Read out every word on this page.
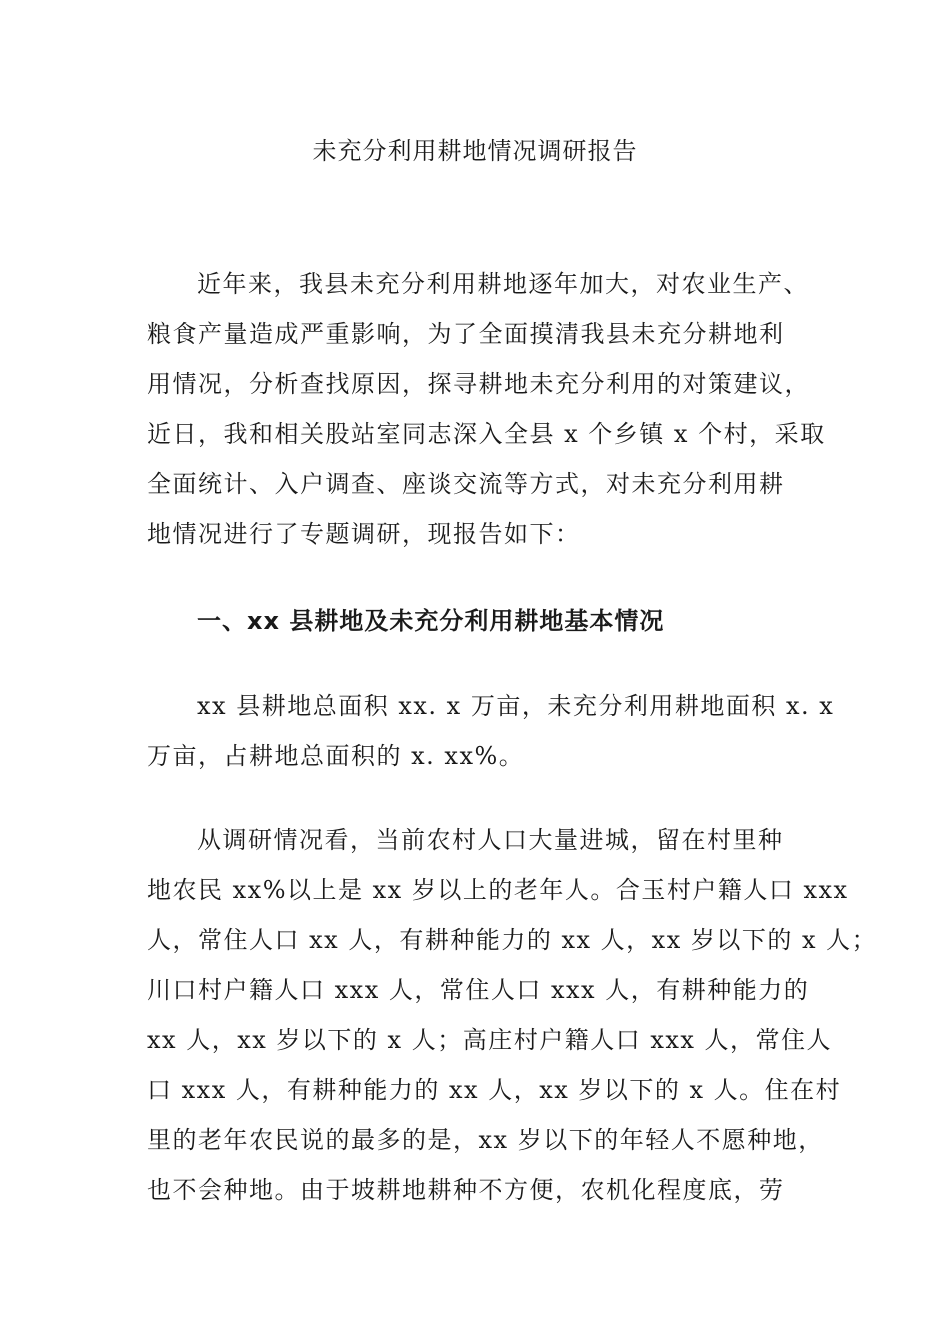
未充分利用耕地情况调研报告
近年来，我县未充分利用耕地逐年加大，对农业生产、
粮食产量造成严重影响，为了全面摸清我县未充分耕地利
用情况，分析查找原因，探寻耕地未充分利用的对策建议，
近日，我和相关股站室同志深入全县 x 个乡镇 x 个村，采取
全面统计、入户调查、座谈交流等方式，对未充分利用耕
地情况进行了专题调研，现报告如下：
一、xx 县耕地及未充分利用耕地基本情况
xx 县耕地总面积 xx. x 万亩，未充分利用耕地面积 x. x
万亩，占耕地总面积的 x. xx%。
从调研情况看，当前农村人口大量进城，留在村里种
地农民 xx%以上是 xx 岁以上的老年人。合玉村户籍人口 xxx
人，常住人口 xx 人，有耕种能力的 xx 人，xx 岁以下的 x 人；
川口村户籍人口 xxx 人，常住人口 xxx 人，有耕种能力的
xx 人，xx 岁以下的 x 人；高庄村户籍人口 xxx 人，常住人
口 xxx 人，有耕种能力的 xx 人，xx 岁以下的 x 人。住在村
里的老年农民说的最多的是，xx 岁以下的年轻人不愿种地，
也不会种地。由于坡耕地耕种不方便，农机化程度底，劳
